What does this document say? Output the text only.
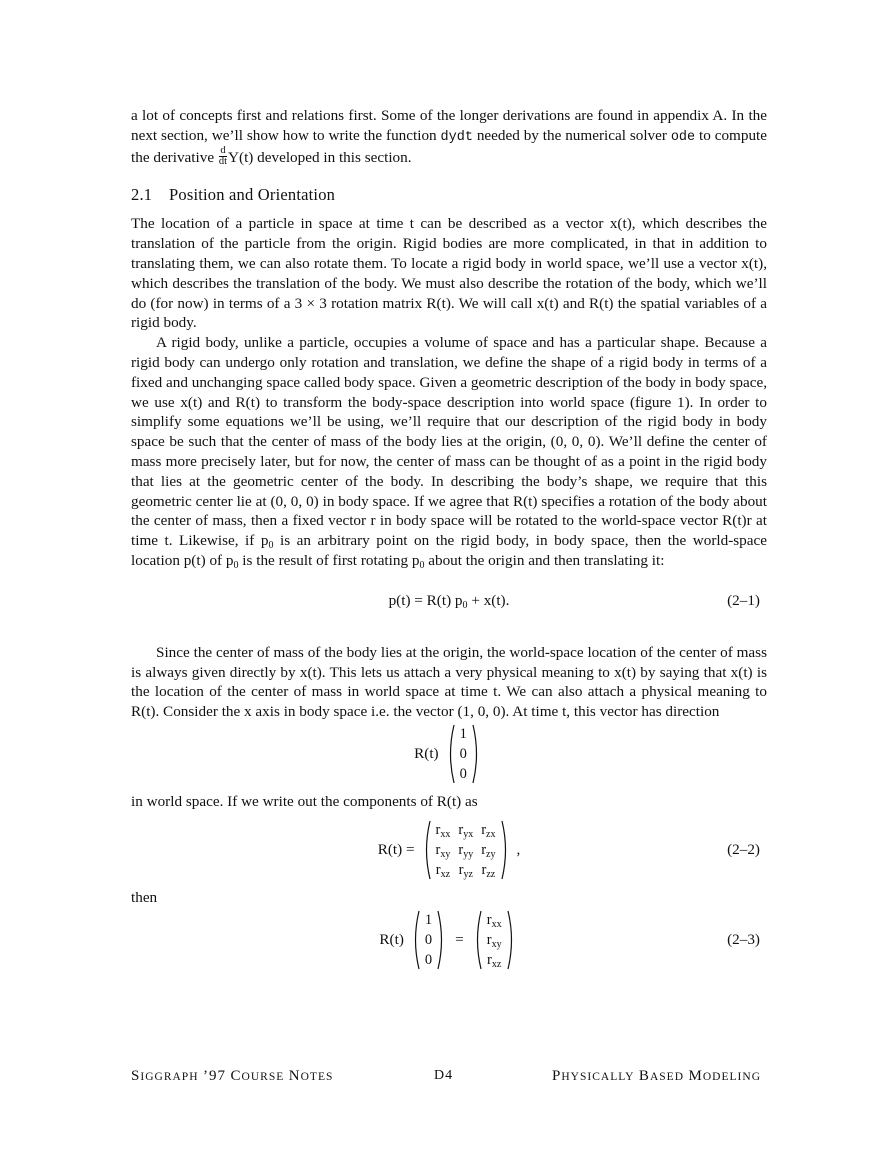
a lot of concepts first and relations first. Some of the longer derivations are found in appendix A. In the next section, we’ll show how to write the function dydt needed by the numerical solver ode to compute the derivative $\frac{d}{dt} Y(t)$ developed in this section.

2.1 Position and Orientation

The location of a particle in space at time t can be described as a vector x(t), which describes the translation of the particle from the origin. Rigid bodies are more complicated, in that in addition to translating them, we can also rotate them. To locate a rigid body in world space, we’ll use a vector x(t), which describes the translation of the body. We must also describe the rotation of the body, which we’ll do (for now) in terms of a 3 × 3 rotation matrix R(t). We will call x(t) and R(t) the spatial variables of a rigid body.

A rigid body, unlike a particle, occupies a volume of space and has a particular shape. Because a rigid body can undergo only rotation and translation, we define the shape of a rigid body in terms of a fixed and unchanging space called body space. Given a geometric description of the body in body space, we use x(t) and R(t) to transform the body-space description into world space (figure 1). In order to simplify some equations we’ll be using, we’ll require that our description of the rigid body in body space be such that the center of mass of the body lies at the origin, (0, 0, 0). We’ll define the center of mass more precisely later, but for now, the center of mass can be thought of as a point in the rigid body that lies at the geometric center of the body. In describing the body’s shape, we require that this geometric center lie at (0, 0, 0) in body space. If we agree that R(t) specifies a rotation of the body about the center of mass, then a fixed vector r in body space will be rotated to the world-space vector R(t)r at time t. Likewise, if $p_0$ is an arbitrary point on the rigid body, in body space, then the world-space location p(t) of $p_0$ is the result of first rotating $p_0$ about the origin and then translating it:

p(t) = R(t) $p_0 + x(t)$.	(2–1)

Since the center of mass of the body lies at the origin, the world-space location of the center of mass is always given directly by x(t). This lets us attach a very physical meaning to x(t) by saying that x(t) is the location of the center of mass in world space at time t. We can also attach a physical meaning to R(t). Consider the x axis in body space i.e. the vector (1, 0, 0). At time t, this vector has direction

R(t)
1
0
0

in world space. If we write out the components of R(t) as

R(t) =
$r_{xx}$	$r_{yx}$	$r_{zx}$
$r_{xy}$	$r_{yy}$	$r_{zy}$
$r_{xz}$	$r_{yz}$	$r_{zz}$
,	(2–2)

then

R(t)
1
0
0
=
$r_{xx}$
$r_{xy}$
$r_{xz}$
(2–3)
SIGGRAPH ’97 COURSE NOTES	D4	PHYSICALLY BASED MODELING
